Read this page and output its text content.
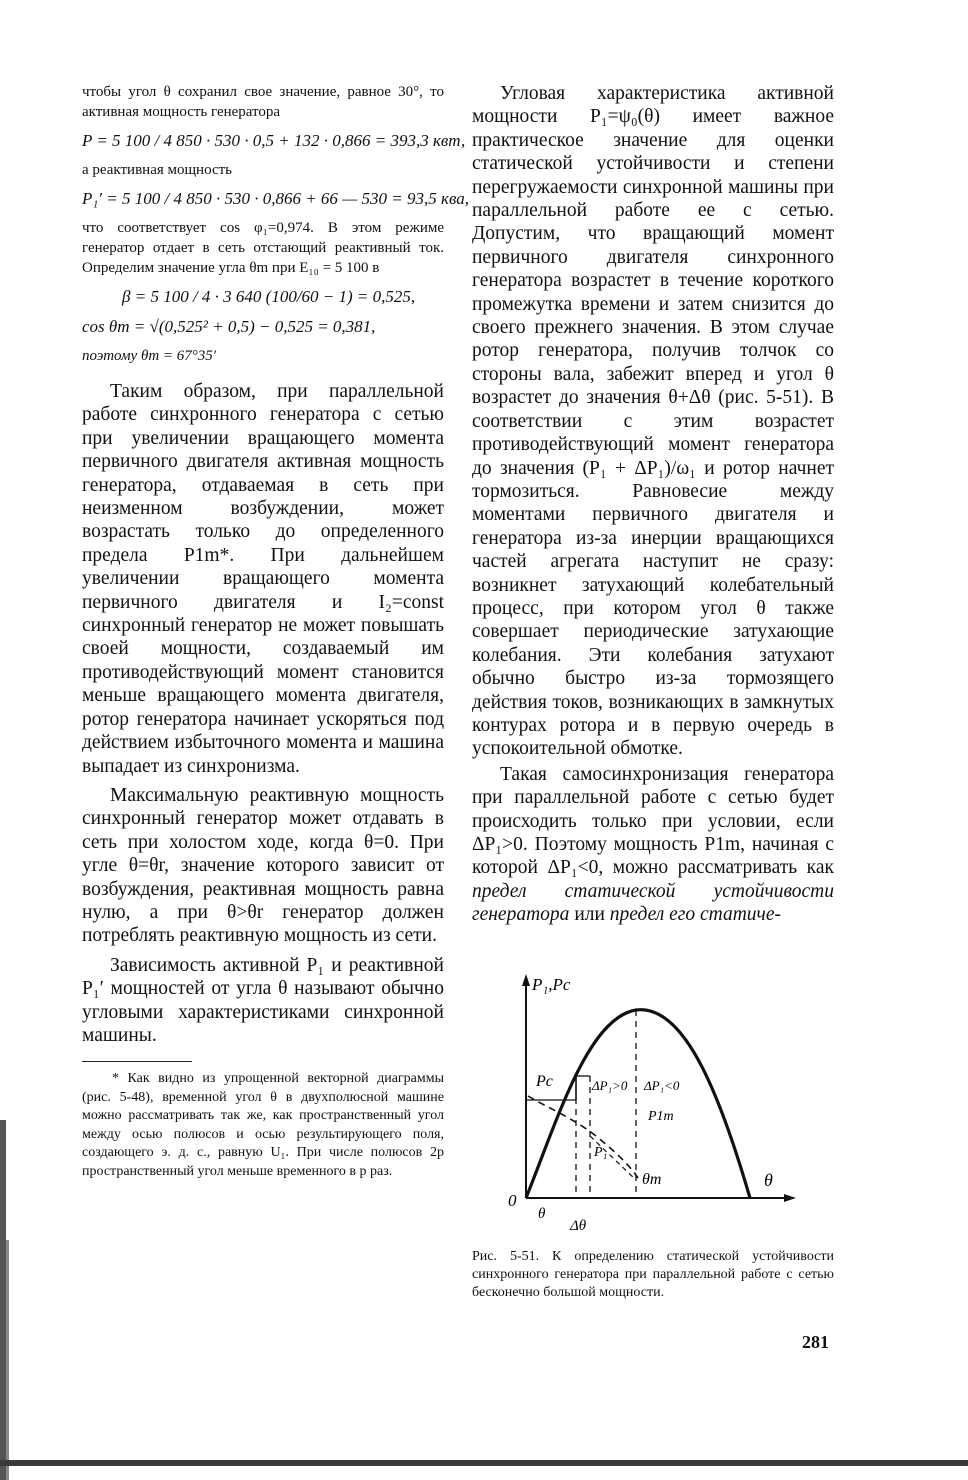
чтобы угол θ сохранил свое значение, равное 30°, то активная мощность генератора

P = 5 100 / 4 850 · 530 · 0,5 + 132 · 0,866 = 393,3 квт,

а реактивная мощность

P₁′ = 5 100 / 4 850 · 530 · 0,866 + 66 — 530 = 93,5 ква,

что соответствует cos φ₁=0,974. В этом режиме генератор отдает в сеть отстающий реактивный ток. Определим значение угла θm при E₁₀ = 5 100 в

β = 5 100 / 4 · 3 640 (100/60 − 1) = 0,525,
cos θm = √(0,525² + 0,5) − 0,525 = 0,381,

поэтому θm = 67°35′

Таким образом, при параллельной работе синхронного генератора с сетью при увеличении вращающего момента первичного двигателя активная мощность генератора, отдаваемая в сеть при неизменном возбуждении, может возрастать только до определенного предела P1m*. При дальнейшем увеличении вращающего момента первичного двигателя и I₂=const синхронный генератор не может повышать своей мощности, создаваемый им противодействующий момент становится меньше вращающего момента двигателя, ротор генератора начинает ускоряться под действием избыточного момента и машина выпадает из синхронизма.

Максимальную реактивную мощность синхронный генератор может отдавать в сеть при холостом ходе, когда θ=0. При угле θ=θr, значение которого зависит от возбуждения, реактивная мощность равна нулю, а при θ>θr генератор должен потреблять реактивную мощность из сети.

Зависимость активной P₁ и реактивной P₁′ мощностей от угла θ называют обычно угловыми характеристиками синхронной машины.

* Как видно из упрощенной векторной диаграммы (рис. 5-48), временной угол θ в двухполюсной машине можно рассматривать так же, как пространственный угол между осью полюсов и осью результирующего поля, создающего э. д. с., равную U₁. При числе полюсов 2p пространственный угол меньше временного в p раз.

Угловая характеристика активной мощности P₁=ψ₀(θ) имеет важное практическое значение для оценки статической устойчивости и степени перегружаемости синхронной машины при параллельной работе ее с сетью. Допустим, что вращающий момент первичного двигателя синхронного генератора возрастет в течение короткого промежутка времени и затем снизится до своего прежнего значения. В этом случае ротор генератора, получив толчок со стороны вала, забежит вперед и угол θ возрастет до значения θ+Δθ (рис. 5-51). В соответствии с этим возрастет противодействующий момент генератора до значения (P₁ + ΔP₁)/ω₁ и ротор начнет тормозиться. Равновесие между моментами первичного двигателя и генератора из-за инерции вращающихся частей агрегата наступит не сразу: возникнет затухающий колебательный процесс, при котором угол θ также совершает периодические затухающие колебания. Эти колебания затухают обычно быстро из-за тормозящего действия токов, возникающих в замкнутых контурах ротора и в первую очередь в успокоительной обмотке.

Такая самосинхронизация генератора при параллельной работе с сетью будет происходить только при условии, если ΔP₁>0. Поэтому мощность P1m, начиная с которой ΔP₁<0, можно рассматривать как предел статической устойчивости генератора или предел его статиче-

P₁,Pc
θ
0
Pc	ΔP₁>0 ΔP₁<0
P1m
P₁
θm
θ
Δθ
Рис. 5-51. К определению статической устойчивости синхронного генератора при параллельной работе с сетью бесконечно большой мощности.
281
